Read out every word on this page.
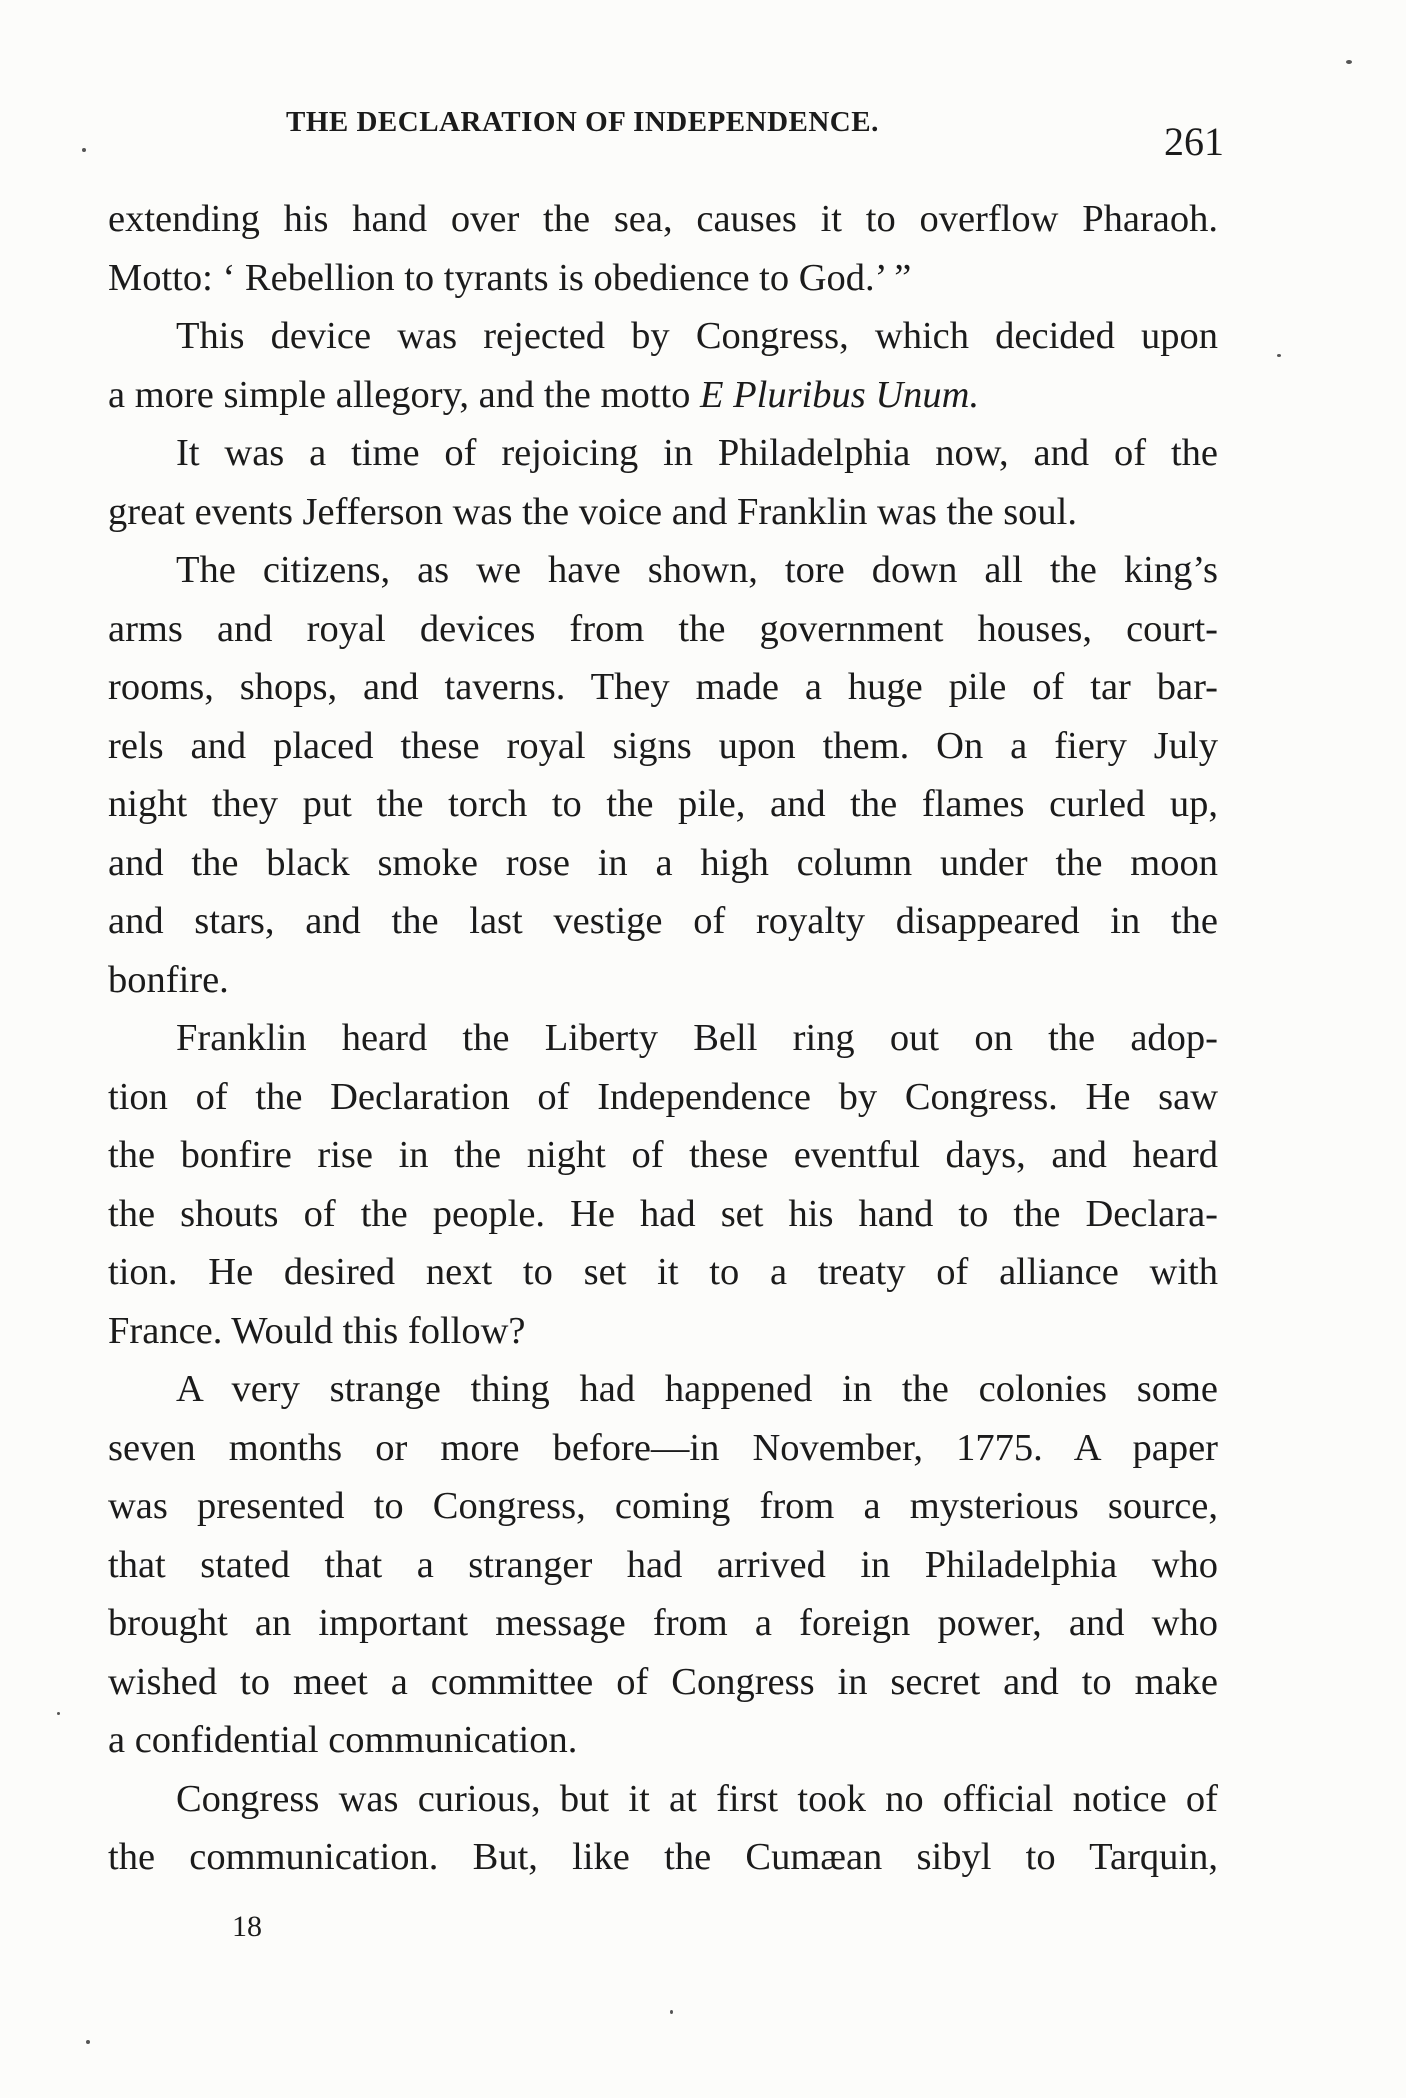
THE DECLARATION OF INDEPENDENCE.	261
extending his hand over the sea, causes it to overflow Pharaoh.
Motto: ‘ Rebellion to tyrants is obedience to God.’ ”
This device was rejected by Congress, which decided upon
a more simple allegory, and the motto E Pluribus Unum.
It was a time of rejoicing in Philadelphia now, and of the
great events Jefferson was the voice and Franklin was the soul.
The citizens, as we have shown, tore down all the king’s
arms and royal devices from the government houses, court-
rooms, shops, and taverns. They made a huge pile of tar bar-
rels and placed these royal signs upon them. On a fiery July
night they put the torch to the pile, and the flames curled up,
and the black smoke rose in a high column under the moon
and stars, and the last vestige of royalty disappeared in the
bonfire.
Franklin heard the Liberty Bell ring out on the adop-
tion of the Declaration of Independence by Congress. He saw
the bonfire rise in the night of these eventful days, and heard
the shouts of the people. He had set his hand to the Declara-
tion. He desired next to set it to a treaty of alliance with
France. Would this follow?
A very strange thing had happened in the colonies some
seven months or more before—in November, 1775. A paper
was presented to Congress, coming from a mysterious source,
that stated that a stranger had arrived in Philadelphia who
brought an important message from a foreign power, and who
wished to meet a committee of Congress in secret and to make
a confidential communication.
Congress was curious, but it at first took no official notice of
the communication. But, like the Cumæan sibyl to Tarquin,
18
